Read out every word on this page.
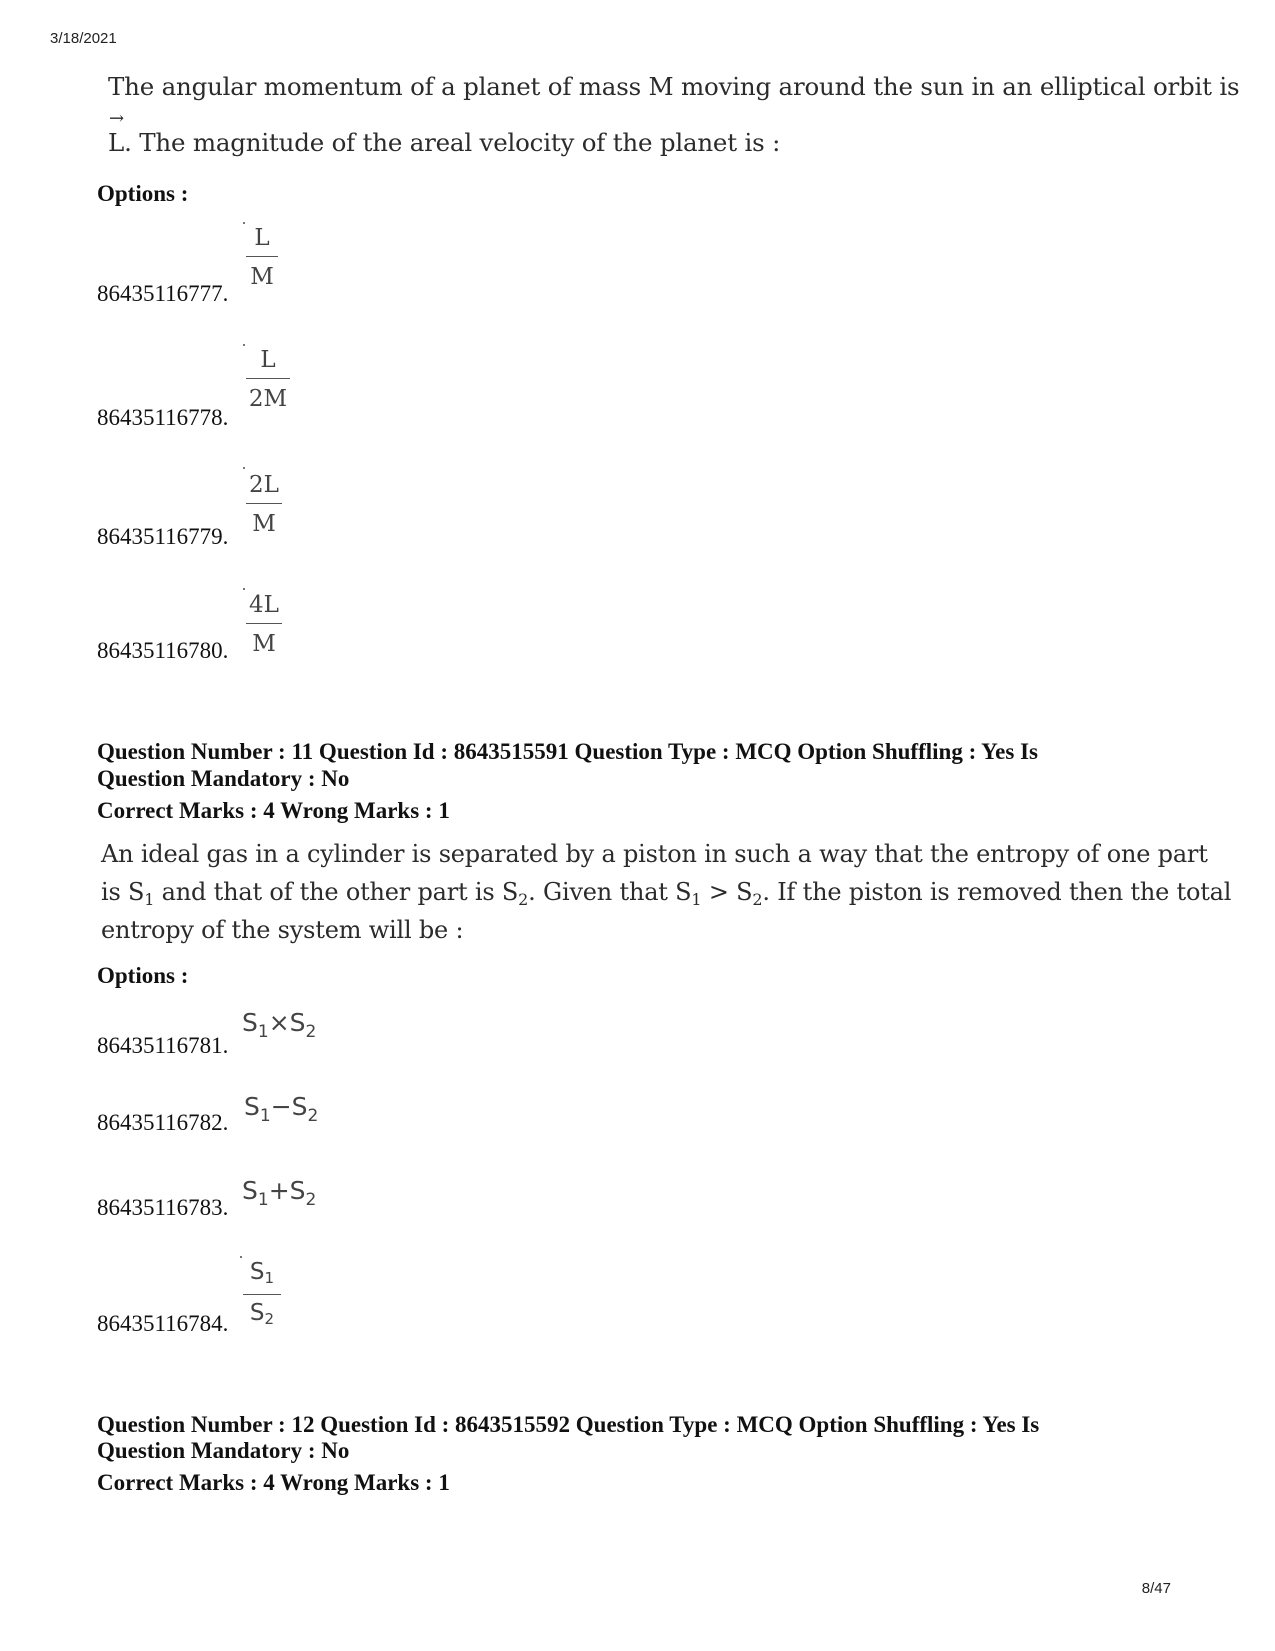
3/18/2021
8/47
The angular momentum of a planet of mass M moving around the sun in an elliptical orbit is
→
L. The magnitude of the areal velocity of the planet is :
Options :
86435116777.
L
M
86435116778.
L
2M
86435116779.
2L
M
86435116780.
4L
M
Question Number : 11 Question Id : 8643515591 Question Type : MCQ Option Shuffling : Yes Is
Question Mandatory : No
Correct Marks : 4 Wrong Marks : 1
An ideal gas in a cylinder is separated by a piston in such a way that the entropy of one part
is $S_1$ and that of the other part is $S_2$. Given that $S_1 > S_2$. If the piston is removed then the total
entropy of the system will be :
Options :
86435116781.
$S_1\times S_2$
86435116782.
$S_1-S_2$
86435116783.
$S_1+S_2$
86435116784.
$S_1$
$S_2$
Question Number : 12 Question Id : 8643515592 Question Type : MCQ Option Shuffling : Yes Is
Question Mandatory : No
Correct Marks : 4 Wrong Marks : 1
